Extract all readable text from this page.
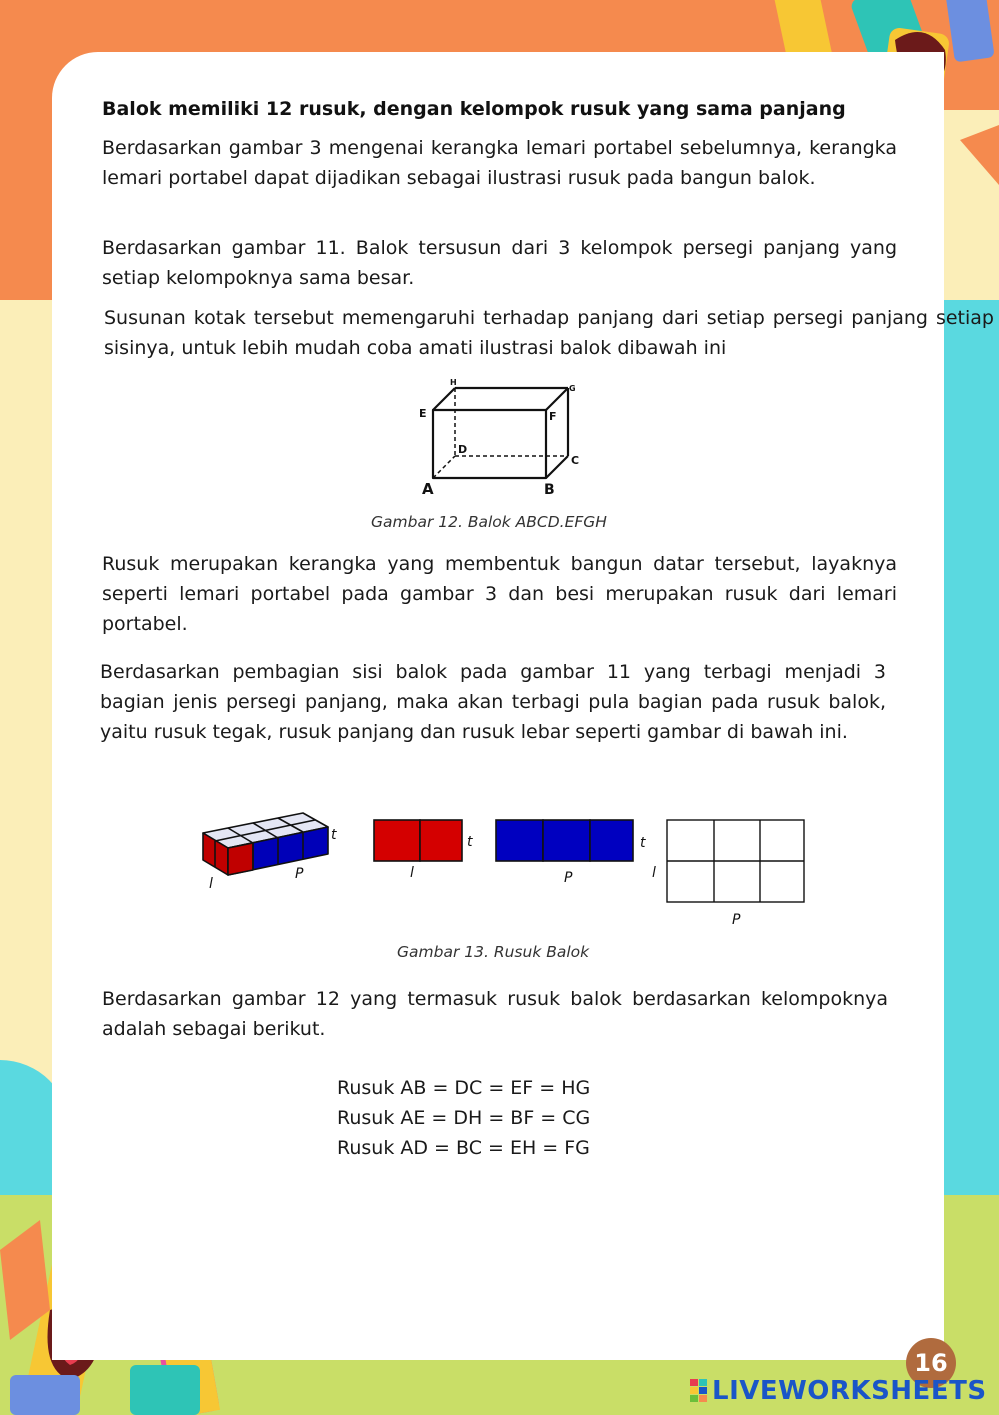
Balok memiliki 12 rusuk, dengan kelompok rusuk yang sama panjang
Berdasarkan gambar 3 mengenai kerangka lemari portabel sebelumnya, kerangka lemari portabel dapat dijadikan sebagai ilustrasi rusuk pada bangun balok.
Berdasarkan gambar 11. Balok tersusun dari 3 kelompok persegi panjang yang setiap kelompoknya sama besar.
Susunan kotak tersebut memengaruhi terhadap panjang dari setiap persegi panjang setiap sisinya, untuk lebih mudah coba amati ilustrasi balok dibawah ini
A	B
C
D
E	F
G
H
Gambar 12. Balok ABCD.EFGH
Rusuk merupakan kerangka yang membentuk bangun datar tersebut, layaknya seperti lemari portabel pada gambar 3 dan besi merupakan rusuk dari lemari portabel.
Berdasarkan pembagian sisi balok pada gambar 11 yang terbagi menjadi 3 bagian jenis persegi panjang, maka akan terbagi pula bagian pada rusuk balok, yaitu rusuk tegak, rusuk panjang dan rusuk lebar seperti gambar di bawah ini.
t
l
P
t
l
t
P	l
P
Gambar 13. Rusuk Balok
Berdasarkan gambar 12 yang termasuk rusuk balok berdasarkan kelompoknya adalah sebagai berikut.
Rusuk AB = DC = EF = HG
Rusuk AE = DH = BF = CG
Rusuk AD = BC = EH = FG
16
LIVEWORKSHEETS
